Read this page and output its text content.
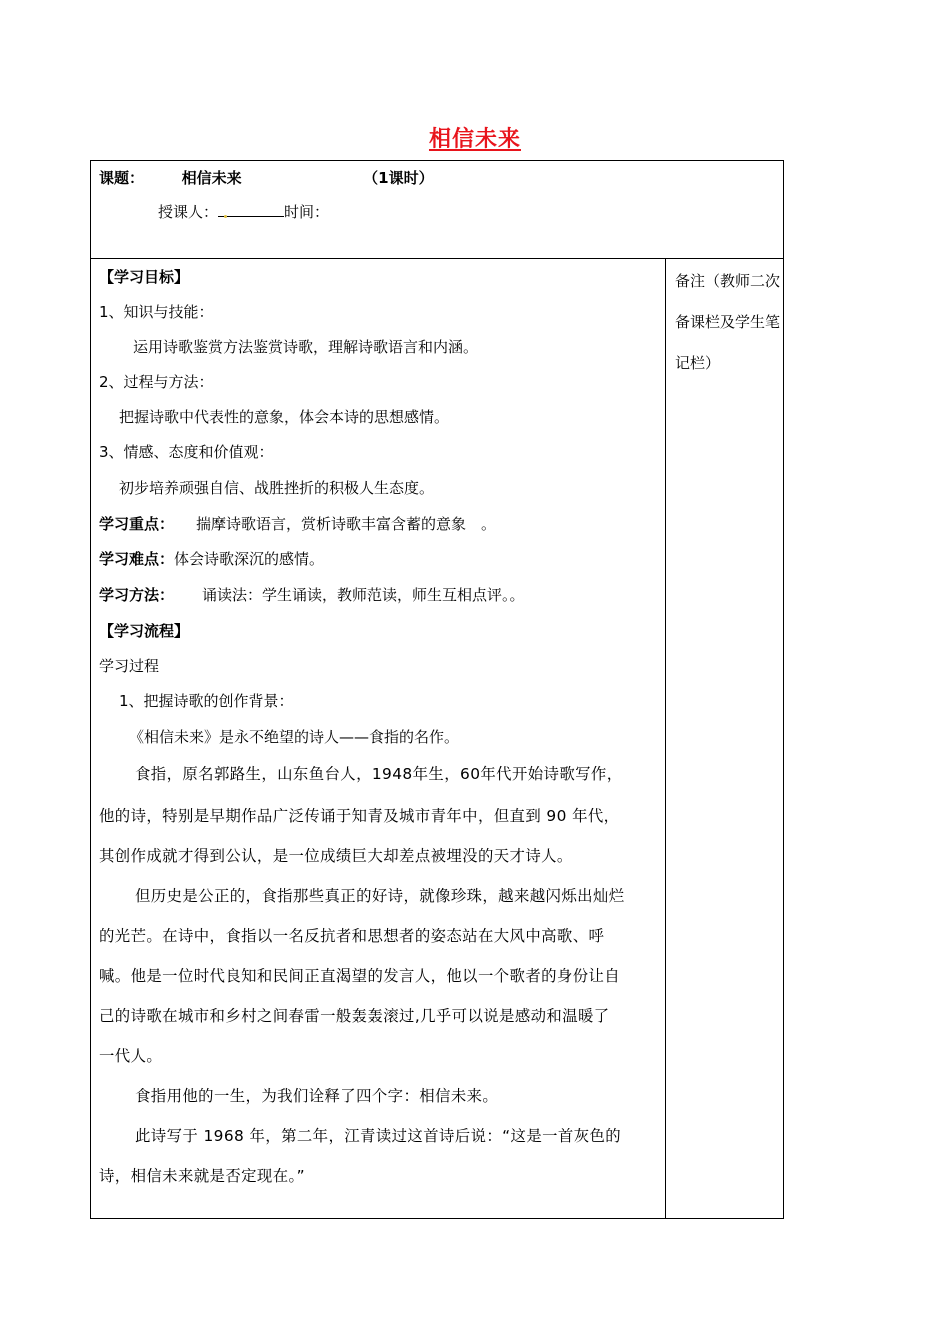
相信未来
课题：	相信未来	（1课时）
授课人：	时间：
备注（教师二次备课栏及学生笔记栏）
【学习目标】
1、知识与技能：
运用诗歌鉴赏方法鉴赏诗歌，理解诗歌语言和内涵。
2、过程与方法：
把握诗歌中代表性的意象，体会本诗的思想感情。
3、情感、态度和价值观：
初步培养顽强自信、战胜挫折的积极人生态度。
学习重点： 揣摩诗歌语言，赏析诗歌丰富含蓄的意象　。
学习难点：体会诗歌深沉的感情。
学习方法： 诵读法：学生诵读，教师范读，师生互相点评。。
【学习流程】
学习过程
1、把握诗歌的创作背景：
《相信未来》是永不绝望的诗人——食指的名作。
食指，原名郭路生，山东鱼台人，1948年生，60年代开始诗歌写作，
他的诗，特别是早期作品广泛传诵于知青及城市青年中，但直到 90 年代，
其创作成就才得到公认，是一位成绩巨大却差点被埋没的天才诗人。
但历史是公正的，食指那些真正的好诗，就像珍珠，越来越闪烁出灿烂
的光芒。在诗中，食指以一名反抗者和思想者的姿态站在大风中高歌、呼
喊。他是一位时代良知和民间正直渴望的发言人，他以一个歌者的身份让自
己的诗歌在城市和乡村之间春雷一般轰轰滚过,几乎可以说是感动和温暖了
一代人。
食指用他的一生，为我们诠释了四个字：相信未来。
此诗写于 1968 年，第二年，江青读过这首诗后说：“这是一首灰色的
诗，相信未来就是否定现在。”
